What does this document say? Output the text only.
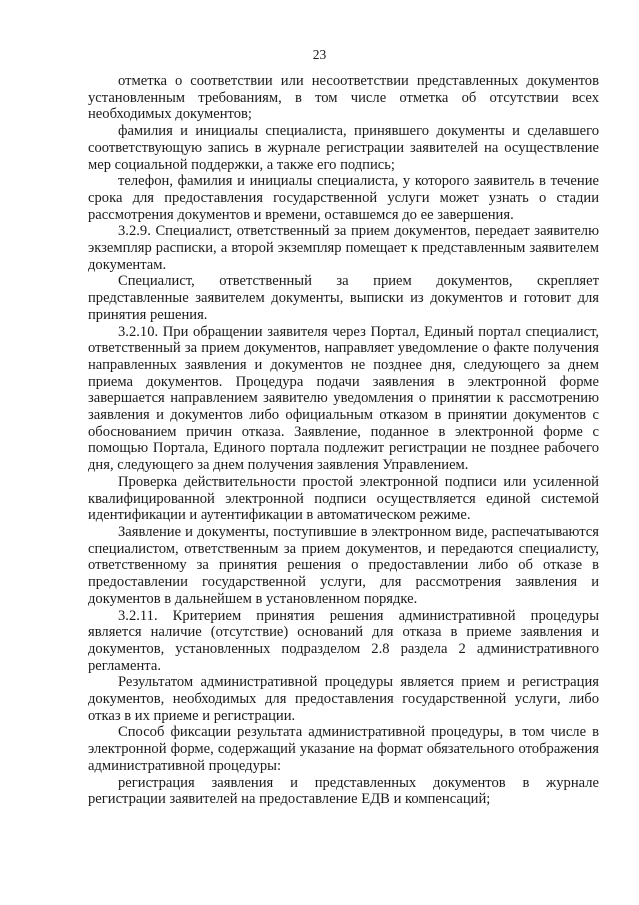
23

отметка о соответствии или несоответствии представленных документов установленным требованиям, в том числе отметка об отсутствии всех необходимых документов;

фамилия и инициалы специалиста, принявшего документы и сделавшего соответствующую запись в журнале регистрации заявителей на осуществление мер социальной поддержки, а также его подпись;

телефон, фамилия и инициалы специалиста, у которого заявитель в течение срока для предоставления государственной услуги может узнать о стадии рассмотрения документов и времени, оставшемся до ее завершения.

3.2.9. Специалист, ответственный за прием документов, передает заявителю экземпляр расписки, а второй экземпляр помещает к представленным заявителем документам.

Специалист, ответственный за прием документов, скрепляет представленные заявителем документы, выписки из документов и готовит для принятия решения.

3.2.10. При обращении заявителя через Портал, Единый портал специалист, ответственный за прием документов, направляет уведомление о факте получения направленных заявления и документов не позднее дня, следующего за днем приема документов. Процедура подачи заявления в электронной форме завершается направлением заявителю уведомления о принятии к рассмотрению заявления и документов либо официальным отказом в принятии документов с обоснованием причин отказа. Заявление, поданное в электронной форме с помощью Портала, Единого портала подлежит регистрации не позднее рабочего дня, следующего за днем получения заявления Управлением.

Проверка действительности простой электронной подписи или усиленной квалифицированной электронной подписи осуществляется единой системой идентификации и аутентификации в автоматическом режиме.

Заявление и документы, поступившие в электронном виде, распечатываются специалистом, ответственным за прием документов, и передаются специалисту, ответственному за принятия решения о предоставлении либо об отказе в предоставлении государственной услуги, для рассмотрения заявления и документов в дальнейшем в установленном порядке.

3.2.11. Критерием принятия решения административной процедуры является наличие (отсутствие) оснований для отказа в приеме заявления и документов, установленных подразделом 2.8 раздела 2 административного регламента.

Результатом административной процедуры является прием и регистрация документов, необходимых для предоставления государственной услуги, либо отказ в их приеме и регистрации.

Способ фиксации результата административной процедуры, в том числе в электронной форме, содержащий указание на формат обязательного отображения административной процедуры:

регистрация заявления и представленных документов в журнале регистрации заявителей на предоставление ЕДВ и компенсаций;
